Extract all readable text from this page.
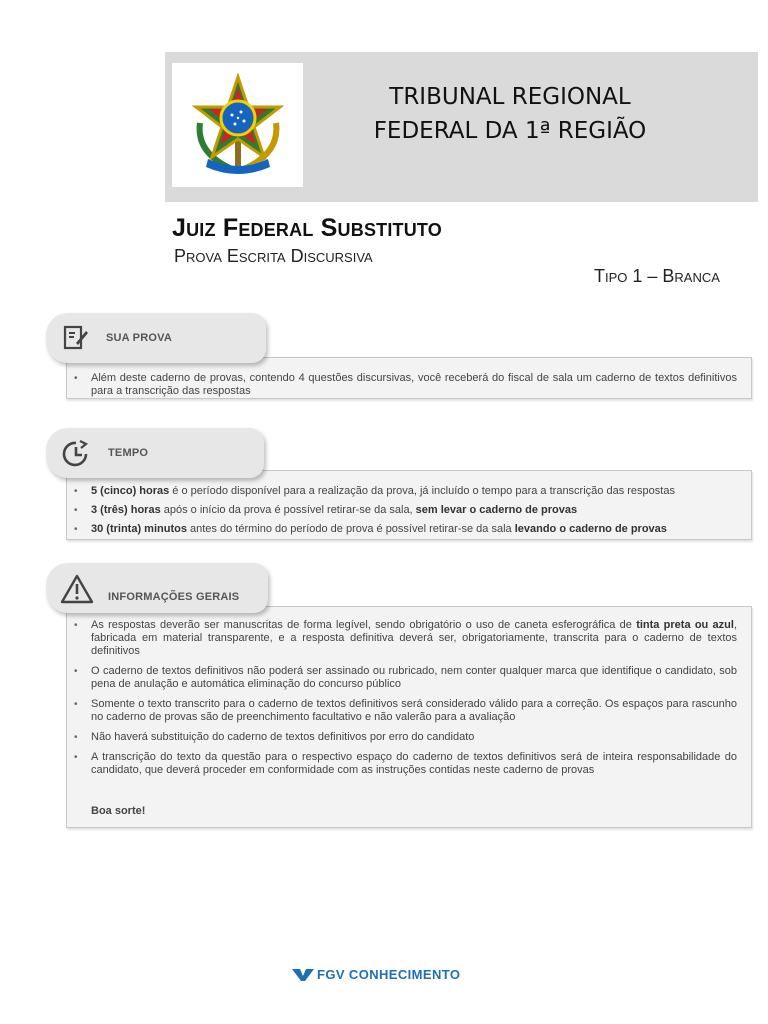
TRIBUNAL REGIONAL
FEDERAL DA 1ª REGIÃO
Juiz Federal Substituto
Prova Escrita Discursiva
Tipo 1 – Branca
• Além deste caderno de provas, contendo 4 questões discursivas, você receberá do fiscal de sala um caderno de textos definitivos para a transcrição das respostas
SUA PROVA
• 5 (cinco) horas é o período disponível para a realização da prova, já incluído o tempo para a transcrição das respostas
• 3 (três) horas após o início da prova é possível retirar-se da sala, sem levar o caderno de provas
• 30 (trinta) minutos antes do término do período de prova é possível retirar-se da sala levando o caderno de provas
TEMPO
• As respostas deverão ser manuscritas de forma legível, sendo obrigatório o uso de caneta esferográfica de tinta preta ou azul, fabricada em material transparente, e a resposta definitiva deverá ser, obrigatoriamente, transcrita para o caderno de textos definitivos
• O caderno de textos definitivos não poderá ser assinado ou rubricado, nem conter qualquer marca que identifique o candidato, sob pena de anulação e automática eliminação do concurso público
• Somente o texto transcrito para o caderno de textos definitivos será considerado válido para a correção. Os espaços para rascunho no caderno de provas são de preenchimento facultativo e não valerão para a avaliação
• Não haverá substituição do caderno de textos definitivos por erro do candidato
• A transcrição do texto da questão para o respectivo espaço do caderno de textos definitivos será de inteira responsabilidade do candidato, que deverá proceder em conformidade com as instruções contidas neste caderno de provas
Boa sorte!
INFORMAÇÕES GERAIS
FGV CONHECIMENTO
